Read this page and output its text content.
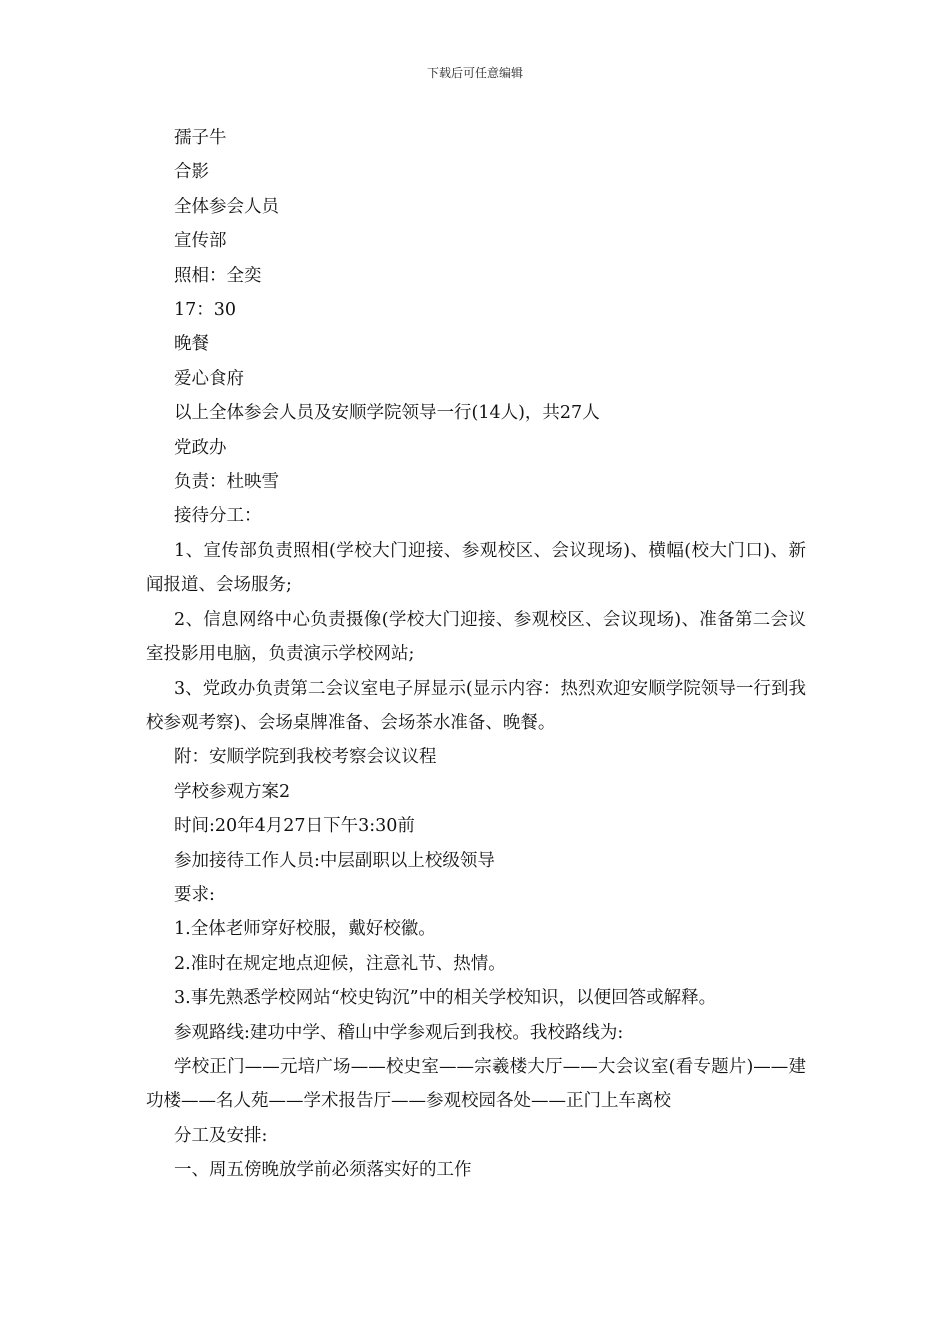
下载后可任意编辑
孺子牛
合影
全体参会人员
宣传部
照相：全奕
17：30
晚餐
爱心食府
以上全体参会人员及安顺学院领导一行(14人)，共27人
党政办
负责：杜映雪
接待分工：
1、宣传部负责照相(学校大门迎接、参观校区、会议现场)、横幅(校大门口)、新闻报道、会场服务;
2、信息网络中心负责摄像(学校大门迎接、参观校区、会议现场)、准备第二会议室投影用电脑，负责演示学校网站;
3、党政办负责第二会议室电子屏显示(显示内容：热烈欢迎安顺学院领导一行到我校参观考察)、会场桌牌准备、会场茶水准备、晚餐。
附：安顺学院到我校考察会议议程
学校参观方案2
时间:20年4月27日下午3:30前
参加接待工作人员:中层副职以上校级领导
要求:
1.全体老师穿好校服，戴好校徽。
2.准时在规定地点迎候，注意礼节、热情。
3.事先熟悉学校网站“校史钩沉”中的相关学校知识，以便回答或解释。
参观路线:建功中学、稽山中学参观后到我校。我校路线为:
学校正门——元培广场——校史室——宗羲楼大厅——大会议室(看专题片)——建功楼——名人苑——学术报告厅——参观校园各处——正门上车离校
分工及安排:
一、周五傍晚放学前必须落实好的工作
